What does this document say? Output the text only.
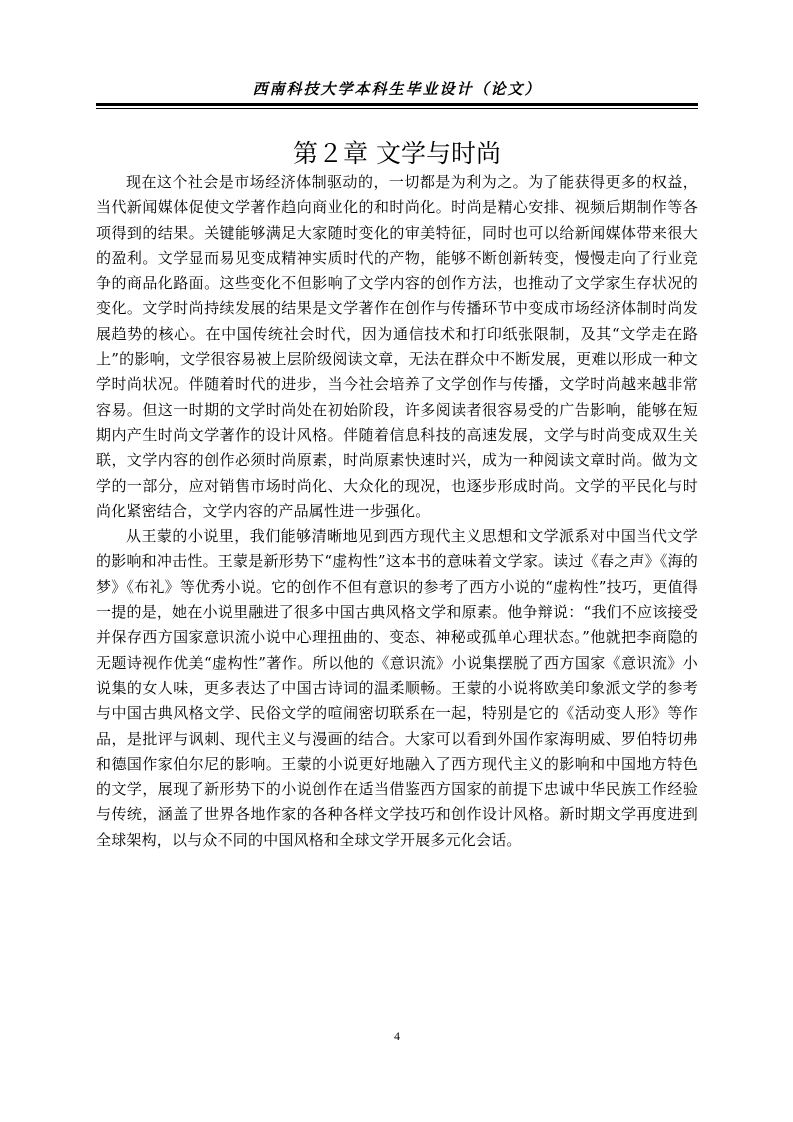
西南科技大学本科生毕业设计（论文）
第２章 文学与时尚

现在这个社会是市场经济体制驱动的，一切都是为利为之。为了能获得更多的权益，当代新闻媒体促使文学著作趋向商业化的和时尚化。时尚是精心安排、视频后期制作等各项得到的结果。关键能够满足大家随时变化的审美特征，同时也可以给新闻媒体带来很大的盈利。文学显而易见变成精神实质时代的产物，能够不断创新转变，慢慢走向了行业竞争的商品化路面。这些变化不但影响了文学内容的创作方法，也推动了文学家生存状况的变化。文学时尚持续发展的结果是文学著作在创作与传播环节中变成市场经济体制时尚发展趋势的核心。在中国传统社会时代，因为通信技术和打印纸张限制，及其“文学走在路上”的影响，文学很容易被上层阶级阅读文章，无法在群众中不断发展，更难以形成一种文学时尚状况。伴随着时代的进步，当今社会培养了文学创作与传播，文学时尚越来越非常容易。但这一时期的文学时尚处在初始阶段，许多阅读者很容易受的广告影响，能够在短期内产生时尚文学著作的设计风格。伴随着信息科技的高速发展，文学与时尚变成双生关联，文学内容的创作必须时尚原素，时尚原素快速时兴，成为一种阅读文章时尚。做为文学的一部分，应对销售市场时尚化、大众化的现况，也逐步形成时尚。文学的平民化与时尚化紧密结合，文学内容的产品属性进一步强化。

从王蒙的小说里，我们能够清晰地见到西方现代主义思想和文学派系对中国当代文学的影响和冲击性。王蒙是新形势下“虚构性”这本书的意味着文学家。读过《春之声》《海的梦》《布礼》等优秀小说。它的创作不但有意识的参考了西方小说的“虚构性”技巧，更值得一提的是，她在小说里融进了很多中国古典风格文学和原素。他争辩说：“我们不应该接受并保存西方国家意识流小说中心理扭曲的、变态、神秘或孤单心理状态。”他就把李商隐的无题诗视作优美“虚构性”著作。所以他的《意识流》小说集摆脱了西方国家《意识流》小说集的女人味，更多表达了中国古诗词的温柔顺畅。王蒙的小说将欧美印象派文学的参考与中国古典风格文学、民俗文学的喧闹密切联系在一起，特别是它的《活动变人形》等作品，是批评与讽刺、现代主义与漫画的结合。大家可以看到外国作家海明威、罗伯特切弗和德国作家伯尔尼的影响。王蒙的小说更好地融入了西方现代主义的影响和中国地方特色的文学，展现了新形势下的小说创作在适当借鉴西方国家的前提下忠诚中华民族工作经验与传统，涵盖了世界各地作家的各种各样文学技巧和创作设计风格。新时期文学再度进到全球架构，以与众不同的中国风格和全球文学开展多元化会话。

4
